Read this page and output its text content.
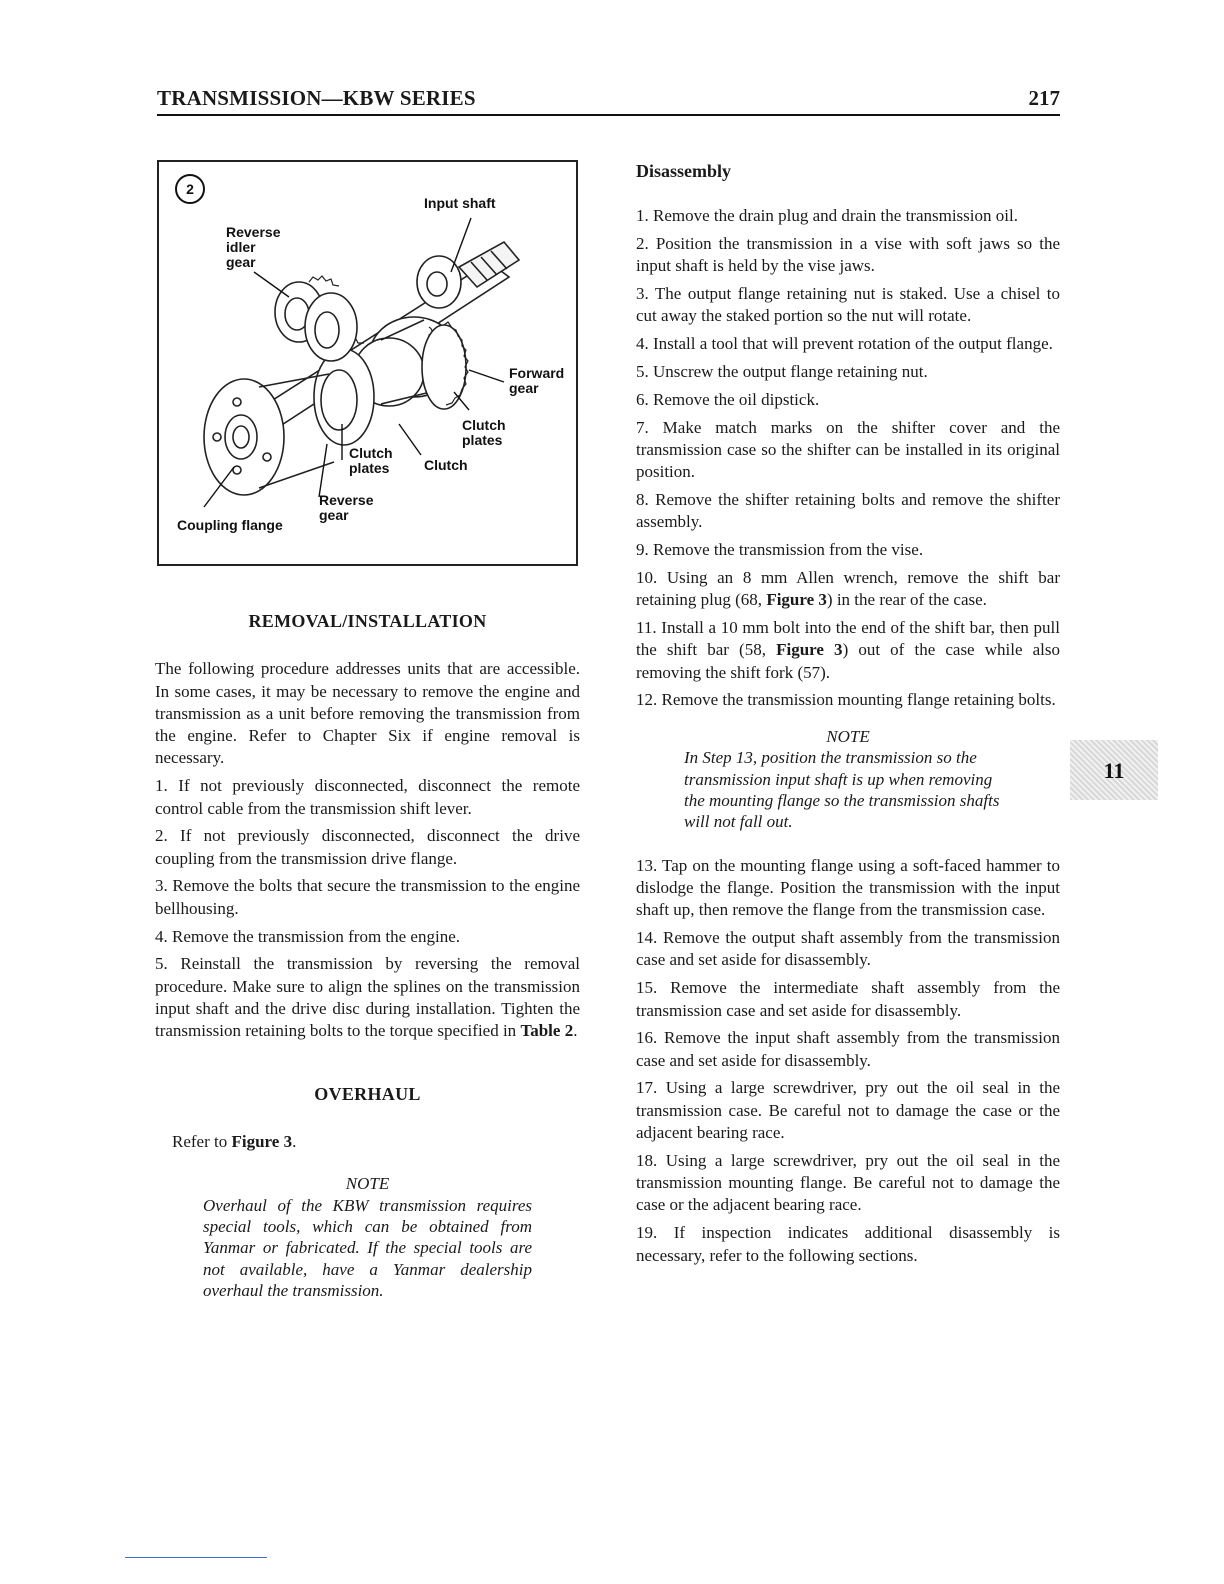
TRANSMISSION—KBW SERIES	217
2
Input shaft
Reverse
idler
gear
Forward
gear
Clutch
plates
Clutch
plates Clutch
Reverse
gear
Coupling flange
REMOVAL/INSTALLATION

The following procedure addresses units that are accessible. In some cases, it may be necessary to remove the engine and transmission as a unit before removing the transmission from the engine. Refer to Chapter Six if engine removal is necessary.

1. If not previously disconnected, disconnect the remote control cable from the transmission shift lever.

2. If not previously disconnected, disconnect the drive coupling from the transmission drive flange.

3. Remove the bolts that secure the transmission to the engine bellhousing.

4. Remove the transmission from the engine.

5. Reinstall the transmission by reversing the removal procedure. Make sure to align the splines on the transmission input shaft and the drive disc during installation. Tighten the transmission retaining bolts to the torque specified in Table 2.

OVERHAUL

Refer to Figure 3.

NOTE
Overhaul of the KBW transmission requires special tools, which can be obtained from Yanmar or fabricated. If the special tools are not available, have a Yanmar dealership overhaul the transmission.
Disassembly

1. Remove the drain plug and drain the transmission oil.

2. Position the transmission in a vise with soft jaws so the input shaft is held by the vise jaws.

3. The output flange retaining nut is staked. Use a chisel to cut away the staked portion so the nut will rotate.

4. Install a tool that will prevent rotation of the output flange.

5. Unscrew the output flange retaining nut.

6. Remove the oil dipstick.

7. Make match marks on the shifter cover and the transmission case so the shifter can be installed in its original position.

8. Remove the shifter retaining bolts and remove the shifter assembly.

9. Remove the transmission from the vise.

10. Using an 8 mm Allen wrench, remove the shift bar retaining plug (68, Figure 3) in the rear of the case.

11. Install a 10 mm bolt into the end of the shift bar, then pull the shift bar (58, Figure 3) out of the case while also removing the shift fork (57).

12. Remove the transmission mounting flange retaining bolts.

NOTE
In Step 13, position the transmission so the transmission input shaft is up when removing the mounting flange so the transmission shafts will not fall out.

13. Tap on the mounting flange using a soft-faced hammer to dislodge the flange. Position the transmission with the input shaft up, then remove the flange from the transmission case.

14. Remove the output shaft assembly from the transmission case and set aside for disassembly.

15. Remove the intermediate shaft assembly from the transmission case and set aside for disassembly.

16. Remove the input shaft assembly from the transmission case and set aside for disassembly.

17. Using a large screwdriver, pry out the oil seal in the transmission case. Be careful not to damage the case or the adjacent bearing race.

18. Using a large screwdriver, pry out the oil seal in the transmission mounting flange. Be careful not to damage the case or the adjacent bearing race.

19. If inspection indicates additional disassembly is necessary, refer to the following sections.

11
